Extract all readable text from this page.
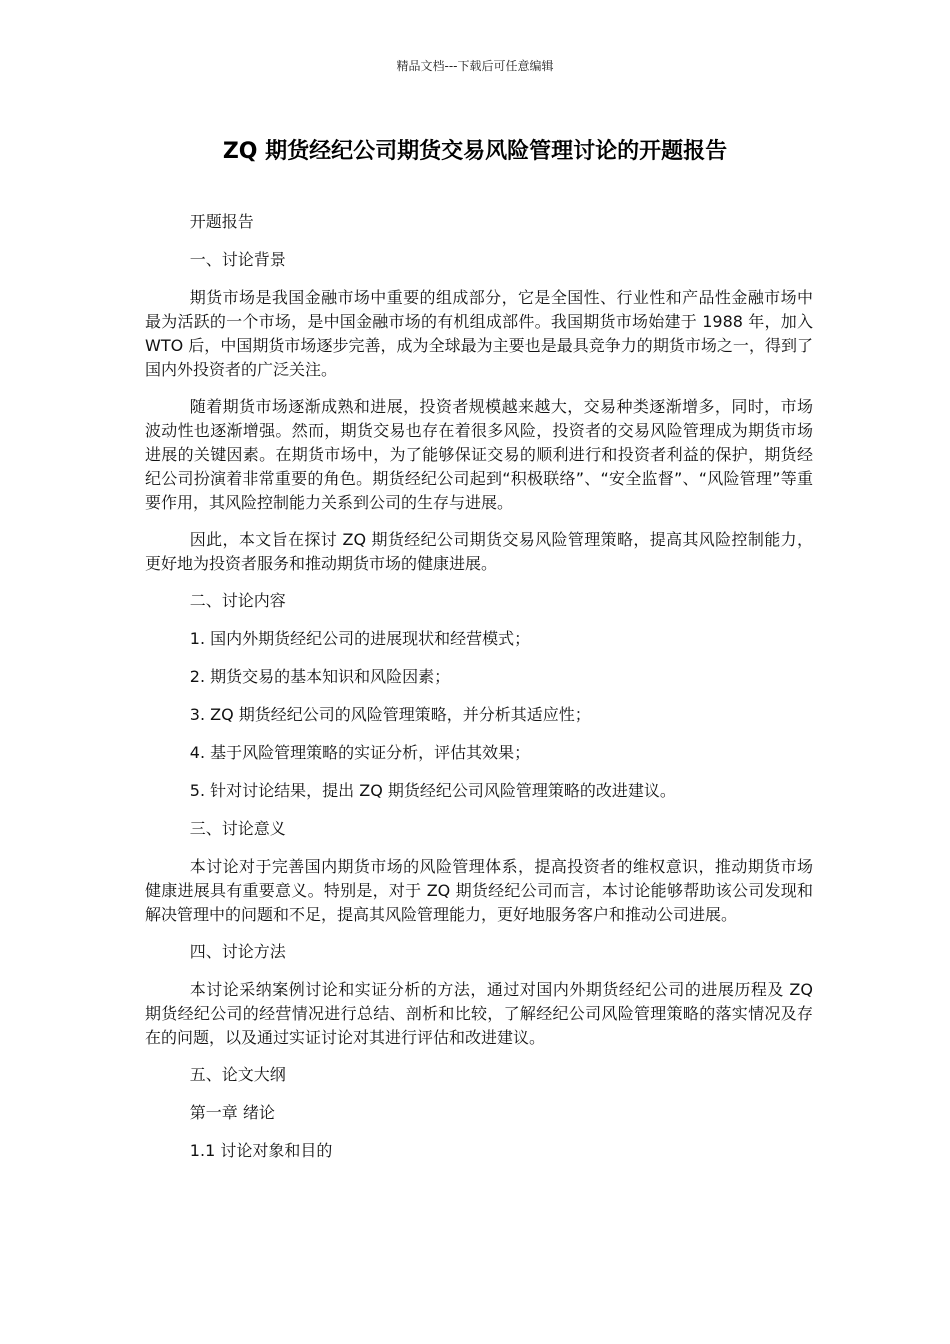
精品文档---下载后可任意编辑
ZQ 期货经纪公司期货交易风险管理讨论的开题报告

开题报告

一、讨论背景

期货市场是我国金融市场中重要的组成部分，它是全国性、行业性和产品性金融市场中最为活跃的一个市场，是中国金融市场的有机组成部件。我国期货市场始建于 1988 年，加入 WTO 后，中国期货市场逐步完善，成为全球最为主要也是最具竞争力的期货市场之一，得到了国内外投资者的广泛关注。

随着期货市场逐渐成熟和进展，投资者规模越来越大，交易种类逐渐增多，同时，市场波动性也逐渐增强。然而，期货交易也存在着很多风险，投资者的交易风险管理成为期货市场进展的关键因素。在期货市场中，为了能够保证交易的顺利进行和投资者利益的保护，期货经纪公司扮演着非常重要的角色。期货经纪公司起到“积极联络”、“安全监督”、“风险管理”等重要作用，其风险控制能力关系到公司的生存与进展。

因此，本文旨在探讨 ZQ 期货经纪公司期货交易风险管理策略，提高其风险控制能力，更好地为投资者服务和推动期货市场的健康进展。

二、讨论内容

1. 国内外期货经纪公司的进展现状和经营模式；

2. 期货交易的基本知识和风险因素；

3. ZQ 期货经纪公司的风险管理策略，并分析其适应性；

4. 基于风险管理策略的实证分析，评估其效果；

5. 针对讨论结果，提出 ZQ 期货经纪公司风险管理策略的改进建议。

三、讨论意义

本讨论对于完善国内期货市场的风险管理体系，提高投资者的维权意识，推动期货市场健康进展具有重要意义。特别是，对于 ZQ 期货经纪公司而言，本讨论能够帮助该公司发现和解决管理中的问题和不足，提高其风险管理能力，更好地服务客户和推动公司进展。

四、讨论方法

本讨论采纳案例讨论和实证分析的方法，通过对国内外期货经纪公司的进展历程及 ZQ 期货经纪公司的经营情况进行总结、剖析和比较，了解经纪公司风险管理策略的落实情况及存在的问题，以及通过实证讨论对其进行评估和改进建议。

五、论文大纲

第一章 绪论

1.1 讨论对象和目的
